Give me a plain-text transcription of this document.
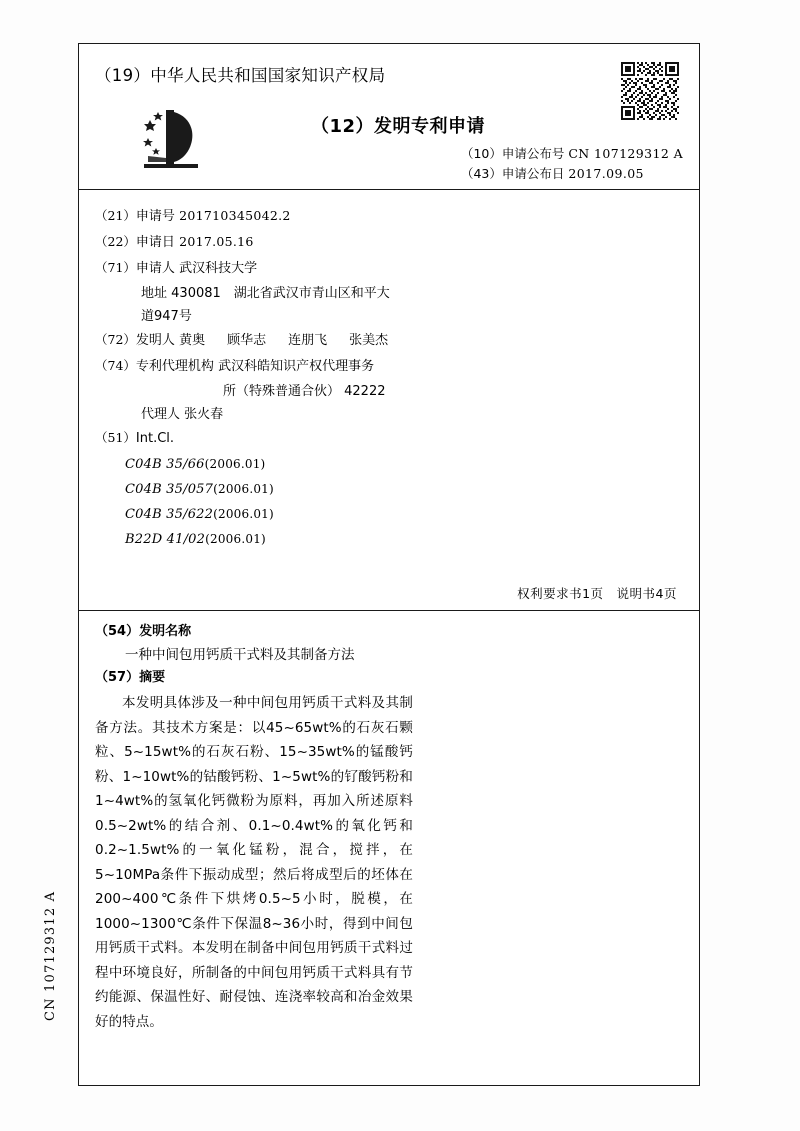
（19）中华人民共和国国家知识产权局
（12）发明专利申请
（10）申请公布号 CN 107129312 A
（43）申请公布日 2017.09.05
（21）申请号 201710345042.2
（22）申请日 2017.05.16
（71）申请人 武汉科技大学
地址 430081　湖北省武汉市青山区和平大
道947号
（72）发明人 黄奥 顾华志 连朋飞 张美杰
（74）专利代理机构 武汉科皓知识产权代理事务
所（特殊普通合伙） 42222
代理人 张火春
（51）Int.Cl.
C04B 35/66(2006.01)
C04B 35/057(2006.01)
C04B 35/622(2006.01)
B22D 41/02(2006.01)
权利要求书1页　说明书4页
（54）发明名称
一种中间包用钙质干式料及其制备方法
（57）摘要

本发明具体涉及一种中间包用钙质干式料及其制备方法。其技术方案是：以45~65wt%的石灰石颗粒、5~15wt%的石灰石粉、15~35wt%的锰酸钙粉、1~10wt%的钴酸钙粉、1~5wt%的钌酸钙粉和1~4wt%的氢氧化钙微粉为原料，再加入所述原料0.5~2wt%的结合剂、0.1~0.4wt%的氧化钙和0.2~1.5wt%的一氧化锰粉，混合，搅拌，在5~10MPa条件下振动成型；然后将成型后的坯体在200~400℃条件下烘烤0.5~5小时，脱模，在1000~1300℃条件下保温8~36小时，得到中间包用钙质干式料。本发明在制备中间包用钙质干式料过程中环境良好，所制备的中间包用钙质干式料具有节约能源、保温性好、耐侵蚀、连浇率较高和冶金效果好的特点。

CN 107129312 A
